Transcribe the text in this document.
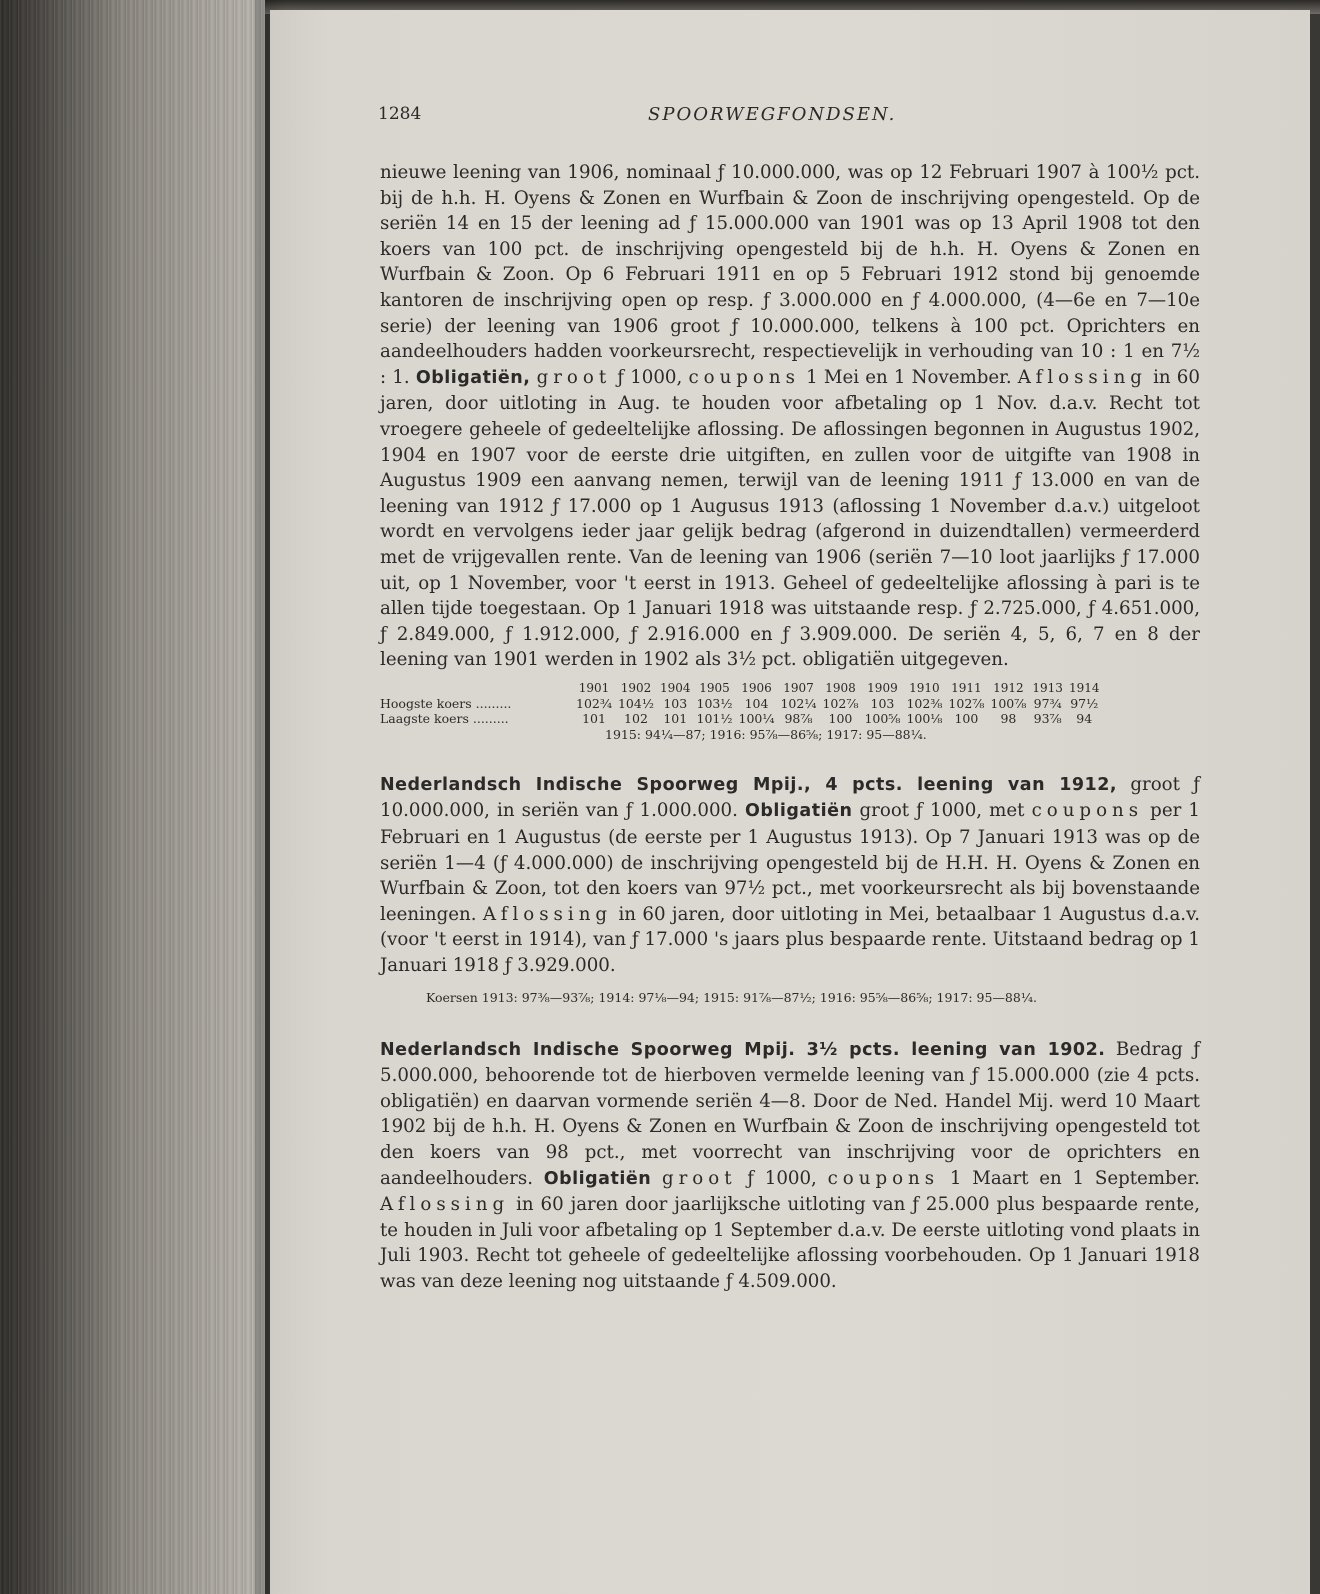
1284	SPOORWEGFONDSEN.

nieuwe leening van 1906, nominaal ƒ 10.000.000, was op 12 Februari 1907 à 100½ pct. bij de h.h. H. Oyens & Zonen en Wurfbain & Zoon de inschrijving opengesteld. Op de seriën 14 en 15 der leening ad ƒ 15.000.000 van 1901 was op 13 April 1908 tot den koers van 100 pct. de inschrijving opengesteld bij de h.h. H. Oyens & Zonen en Wurfbain & Zoon. Op 6 Februari 1911 en op 5 Februari 1912 stond bij genoemde kantoren de inschrijving open op resp. ƒ 3.000.000 en ƒ 4.000.000, (4—6e en 7—10e serie) der leening van 1906 groot ƒ 10.000.000, telkens à 100 pct. Oprichters en aandeelhouders hadden voorkeursrecht, respectievelijk in verhouding van 10 : 1 en 7½ : 1. Obligatiën, groot ƒ 1000, coupons 1 Mei en 1 November. Aflossing in 60 jaren, door uitloting in Aug. te houden voor afbetaling op 1 Nov. d.a.v. Recht tot vroegere geheele of gedeeltelijke aflossing. De aflossingen begonnen in Augustus 1902, 1904 en 1907 voor de eerste drie uitgiften, en zullen voor de uitgifte van 1908 in Augustus 1909 een aanvang nemen, terwijl van de leening 1911 ƒ 13.000 en van de leening van 1912 ƒ 17.000 op 1 Augusus 1913 (aflossing 1 November d.a.v.) uitgeloot wordt en vervolgens ieder jaar gelijk bedrag (afgerond in duizendtallen) vermeerderd met de vrijgevallen rente. Van de leening van 1906 (seriën 7—10 loot jaarlijks ƒ 17.000 uit, op 1 November, voor 't eerst in 1913. Geheel of gedeeltelijke aflossing à pari is te allen tijde toegestaan. Op 1 Januari 1918 was uitstaande resp. ƒ 2.725.000, ƒ 4.651.000, ƒ 2.849.000, ƒ 1.912.000, ƒ 2.916.000 en ƒ 3.909.000. De seriën 4, 5, 6, 7 en 8 der leening van 1901 werden in 1902 als 3½ pct. obligatiën uitgegeven.

	1901	1902	1904	1905	1906	1907	1908	1909	1910	1911	1912	1913	1914
Hoogste koers .........	102¾	104½	103	103½	104	102¼	102⅞	103	102⅜	102⅞	100⅞	97¾	97½
Laagste koers .........	101	102	101	101½	100¼	98⅞	100	100⅝	100⅛	100	98	93⅞	94
1915: 94¼—87; 1916: 95⅞—86⅝; 1917: 95—88¼.

Nederlandsch Indische Spoorweg Mpij., 4 pcts. leening van 1912, groot ƒ 10.000.000, in seriën van ƒ 1.000.000. Obligatiën groot ƒ 1000, met coupons per 1 Februari en 1 Augustus (de eerste per 1 Augustus 1913). Op 7 Januari 1913 was op de seriën 1—4 (ƒ 4.000.000) de inschrijving opengesteld bij de H.H. H. Oyens & Zonen en Wurfbain & Zoon, tot den koers van 97½ pct., met voorkeursrecht als bij bovenstaande leeningen. Aflossing in 60 jaren, door uitloting in Mei, betaalbaar 1 Augustus d.a.v. (voor 't eerst in 1914), van ƒ 17.000 's jaars plus bespaarde rente. Uitstaand bedrag op 1 Januari 1918 ƒ 3.929.000.

Koersen 1913: 97⅜—93⅞; 1914: 97⅛—94; 1915: 91⅞—87½; 1916: 95⅝—86⅝; 1917: 95—88¼.

Nederlandsch Indische Spoorweg Mpij. 3½ pcts. leening van 1902. Bedrag ƒ 5.000.000, behoorende tot de hierboven vermelde leening van ƒ 15.000.000 (zie 4 pcts. obligatiën) en daarvan vormende seriën 4—8. Door de Ned. Handel Mij. werd 10 Maart 1902 bij de h.h. H. Oyens & Zonen en Wurfbain & Zoon de inschrijving opengesteld tot den koers van 98 pct., met voorrecht van inschrijving voor de oprichters en aandeelhouders. Obligatiën groot ƒ 1000, coupons 1 Maart en 1 September. Aflossing in 60 jaren door jaarlijksche uitloting van ƒ 25.000 plus bespaarde rente, te houden in Juli voor afbetaling op 1 September d.a.v. De eerste uitloting vond plaats in Juli 1903. Recht tot geheele of gedeeltelijke aflossing voorbehouden. Op 1 Januari 1918 was van deze leening nog uitstaande ƒ 4.509.000.
